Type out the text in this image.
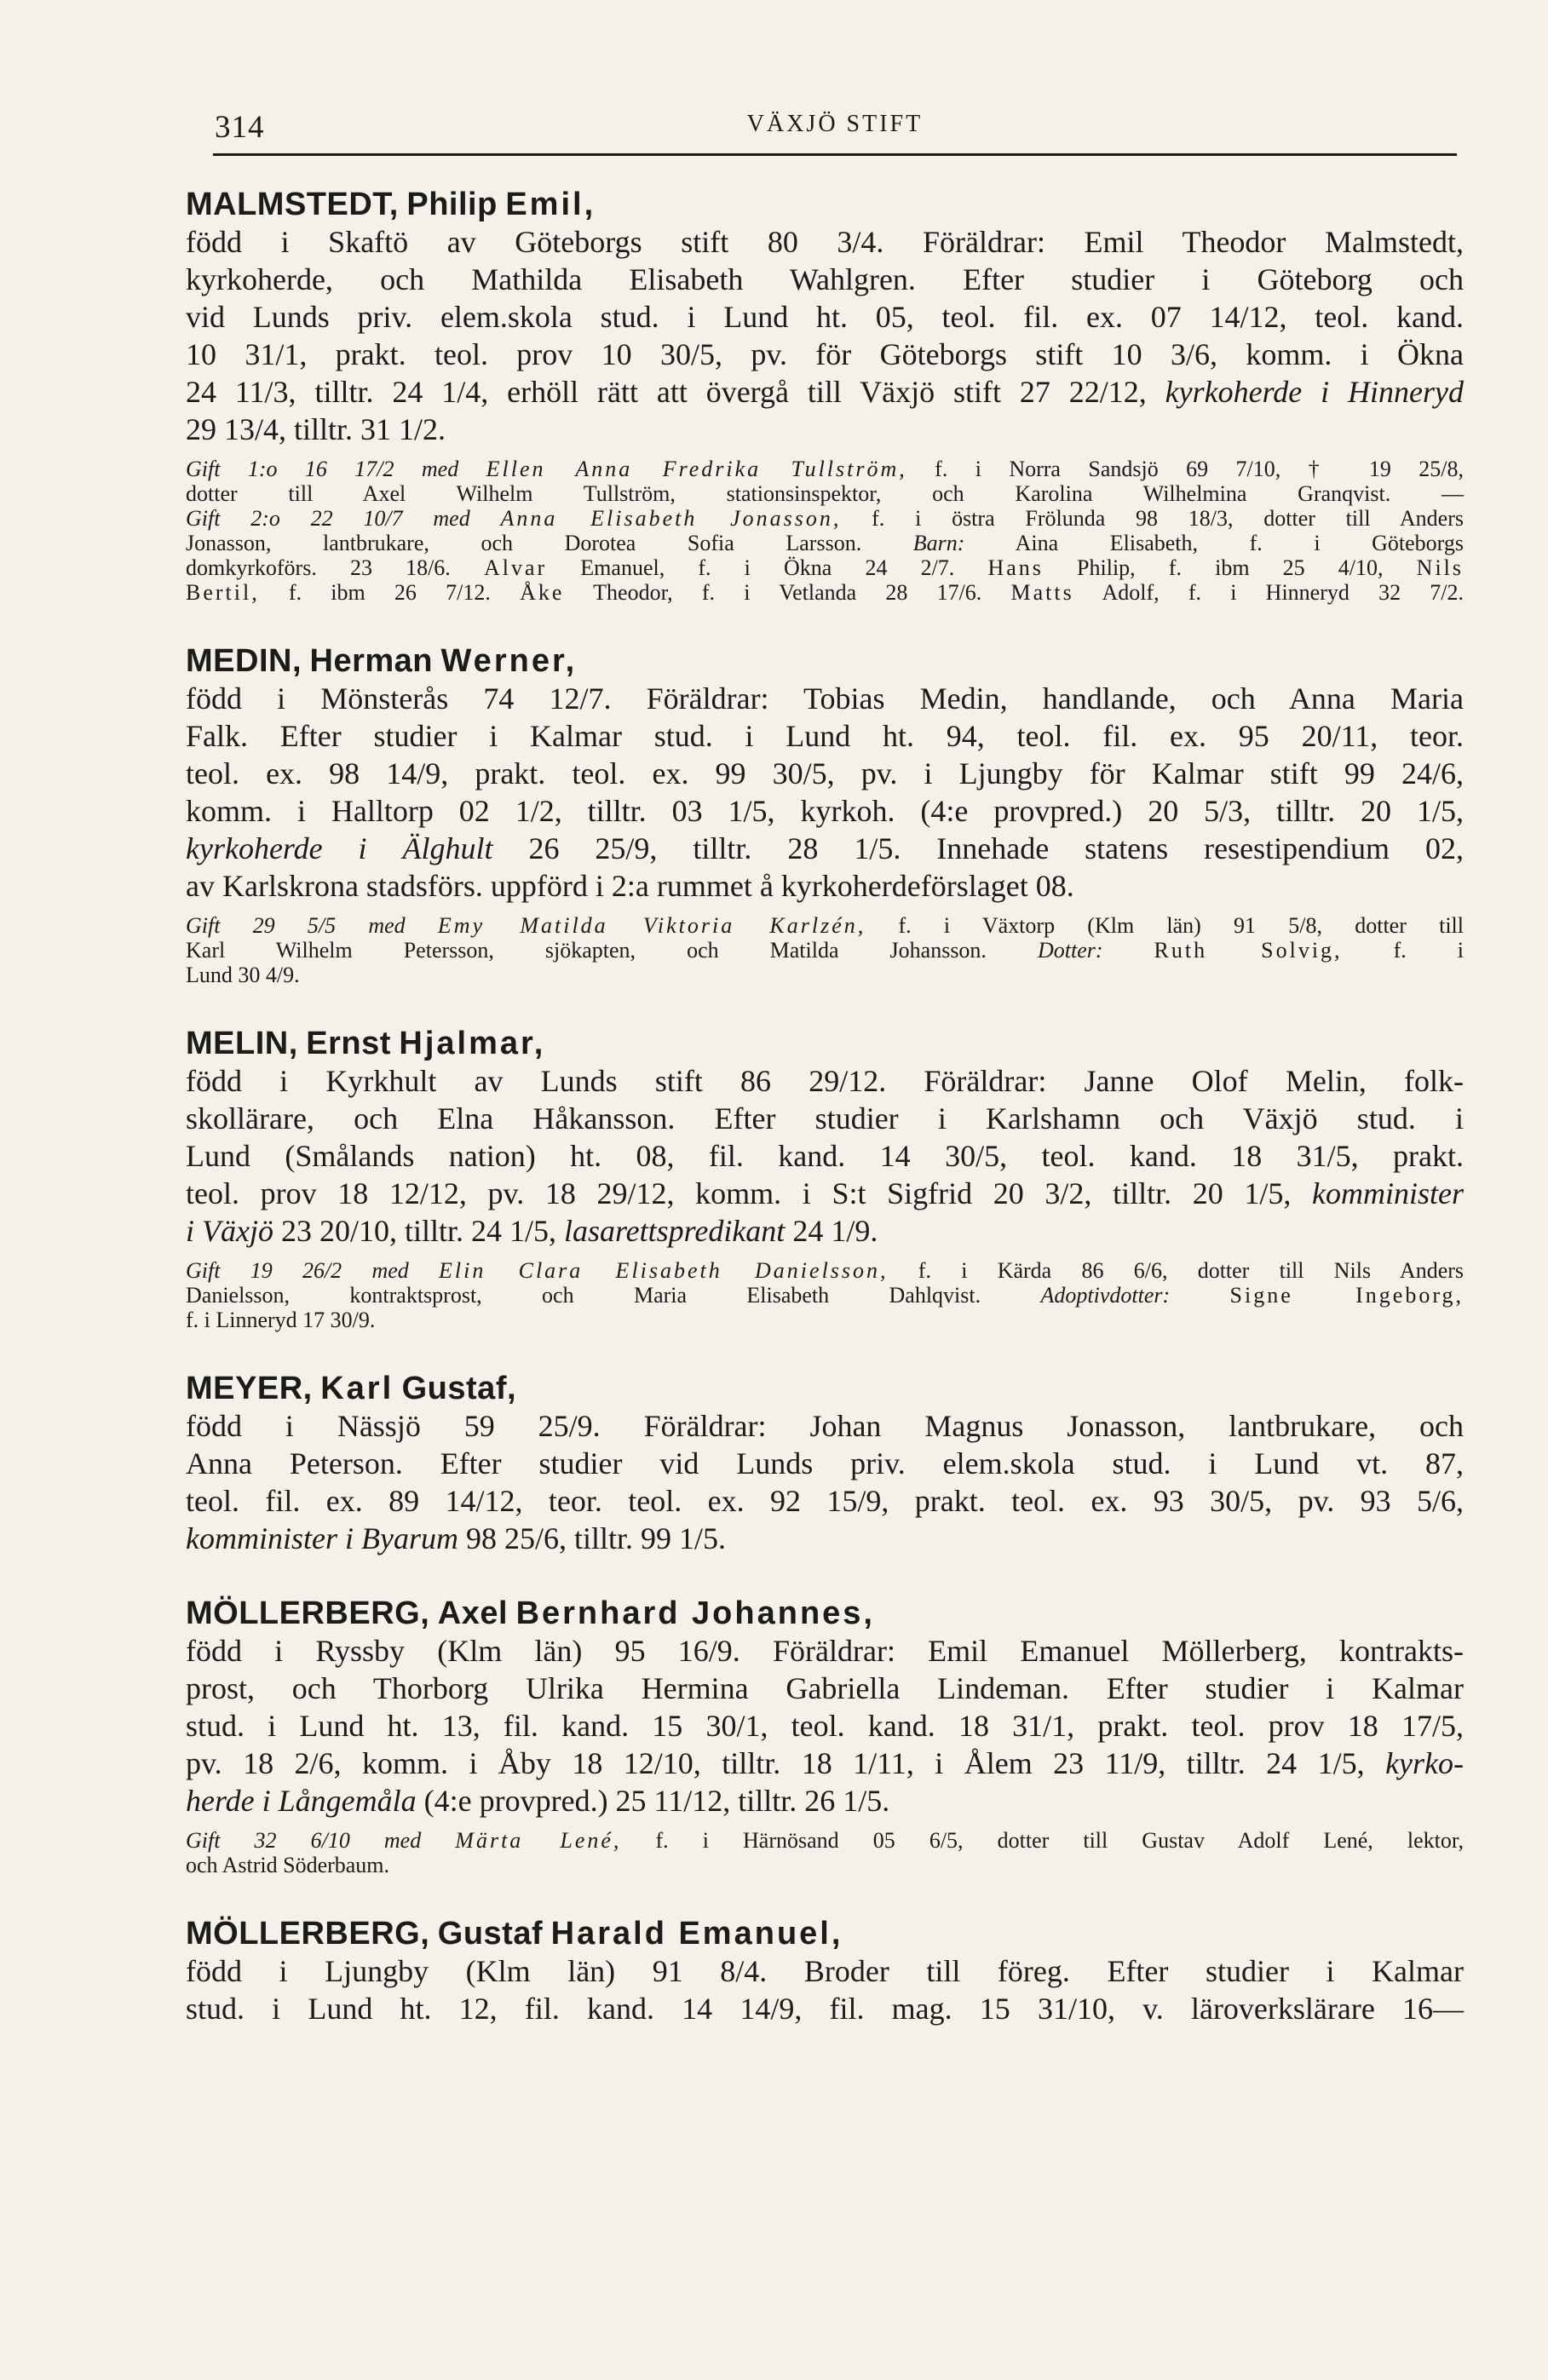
314	VÄXJÖ STIFT
MALMSTEDT, Philip Emil,
född i Skaftö av Göteborgs stift 80 3/4. Föräldrar: Emil Theodor Malmstedt,
kyrkoherde, och Mathilda Elisabeth Wahlgren. Efter studier i Göteborg och
vid Lunds priv. elem.skola stud. i Lund ht. 05, teol. fil. ex. 07 14/12, teol. kand.
10 31/1, prakt. teol. prov 10 30/5, pv. för Göteborgs stift 10 3/6, komm. i Ökna
24 11/3, tilltr. 24 1/4, erhöll rätt att övergå till Växjö stift 27 22/12, kyrkoherde i Hinneryd
29 13/4, tilltr. 31 1/2.
Gift 1:o 16 17/2 med Ellen Anna Fredrika Tullström, f. i Norra Sandsjö 69 7/10, † 19 25/8,
dotter till Axel Wilhelm Tullström, stationsinspektor, och Karolina Wilhelmina Granqvist. —
Gift 2:o 22 10/7 med Anna Elisabeth Jonasson, f. i östra Frölunda 98 18/3, dotter till Anders
Jonasson, lantbrukare, och Dorotea Sofia Larsson. Barn: Aina Elisabeth, f. i Göteborgs
domkyrkoförs. 23 18/6. Alvar Emanuel, f. i Ökna 24 2/7. Hans Philip, f. ibm 25 4/10, Nils
Bertil, f. ibm 26 7/12. Åke Theodor, f. i Vetlanda 28 17/6. Matts Adolf, f. i Hinneryd 32 7/2.
MEDIN, Herman Werner,
född i Mönsterås 74 12/7. Föräldrar: Tobias Medin, handlande, och Anna Maria
Falk. Efter studier i Kalmar stud. i Lund ht. 94, teol. fil. ex. 95 20/11, teor.
teol. ex. 98 14/9, prakt. teol. ex. 99 30/5, pv. i Ljungby för Kalmar stift 99 24/6,
komm. i Halltorp 02 1/2, tilltr. 03 1/5, kyrkoh. (4:e provpred.) 20 5/3, tilltr. 20 1/5,
kyrkoherde i Älghult 26 25/9, tilltr. 28 1/5. Innehade statens resestipendium 02,
av Karlskrona stadsförs. uppförd i 2:a rummet å kyrkoherdeförslaget 08.
Gift 29 5/5 med Emy Matilda Viktoria Karlzén, f. i Växtorp (Klm län) 91 5/8, dotter till
Karl Wilhelm Petersson, sjökapten, och Matilda Johansson. Dotter: Ruth Solvig, f. i
Lund 30 4/9.
MELIN, Ernst Hjalmar,
född i Kyrkhult av Lunds stift 86 29/12. Föräldrar: Janne Olof Melin, folk-
skollärare, och Elna Håkansson. Efter studier i Karlshamn och Växjö stud. i
Lund (Smålands nation) ht. 08, fil. kand. 14 30/5, teol. kand. 18 31/5, prakt.
teol. prov 18 12/12, pv. 18 29/12, komm. i S:t Sigfrid 20 3/2, tilltr. 20 1/5, komminister
i Växjö 23 20/10, tilltr. 24 1/5, lasarettspredikant 24 1/9.
Gift 19 26/2 med Elin Clara Elisabeth Danielsson, f. i Kärda 86 6/6, dotter till Nils Anders
Danielsson, kontraktsprost, och Maria Elisabeth Dahlqvist.	Adoptivdotter:	Signe Ingeborg,
f. i Linneryd 17 30/9.
MEYER, Karl Gustaf,
född i Nässjö 59 25/9. Föräldrar: Johan Magnus Jonasson, lantbrukare, och
Anna Peterson. Efter studier vid Lunds priv. elem.skola stud. i Lund vt. 87,
teol. fil. ex. 89 14/12, teor. teol. ex. 92 15/9, prakt. teol. ex. 93 30/5, pv. 93 5/6,
komminister i Byarum 98 25/6, tilltr. 99 1/5.
MÖLLERBERG, Axel Bernhard Johannes,
född i Ryssby (Klm län) 95 16/9. Föräldrar: Emil Emanuel Möllerberg, kontrakts-
prost, och Thorborg Ulrika Hermina Gabriella Lindeman. Efter studier i Kalmar
stud. i Lund ht. 13, fil. kand. 15 30/1, teol. kand. 18 31/1, prakt. teol. prov 18 17/5,
pv. 18 2/6, komm. i Åby 18 12/10, tilltr. 18 1/11, i Ålem 23 11/9, tilltr. 24 1/5, kyrko-
herde i Långemåla (4:e provpred.) 25 11/12, tilltr. 26 1/5.
Gift 32 6/10 med Märta Lené, f. i Härnösand 05 6/5, dotter till Gustav Adolf Lené, lektor,
och Astrid Söderbaum.
MÖLLERBERG, Gustaf Harald Emanuel,
född i Ljungby (Klm län) 91 8/4. Broder till föreg. Efter studier i Kalmar
stud. i Lund ht. 12, fil. kand. 14 14/9, fil. mag. 15 31/10, v. läroverkslärare 16—
